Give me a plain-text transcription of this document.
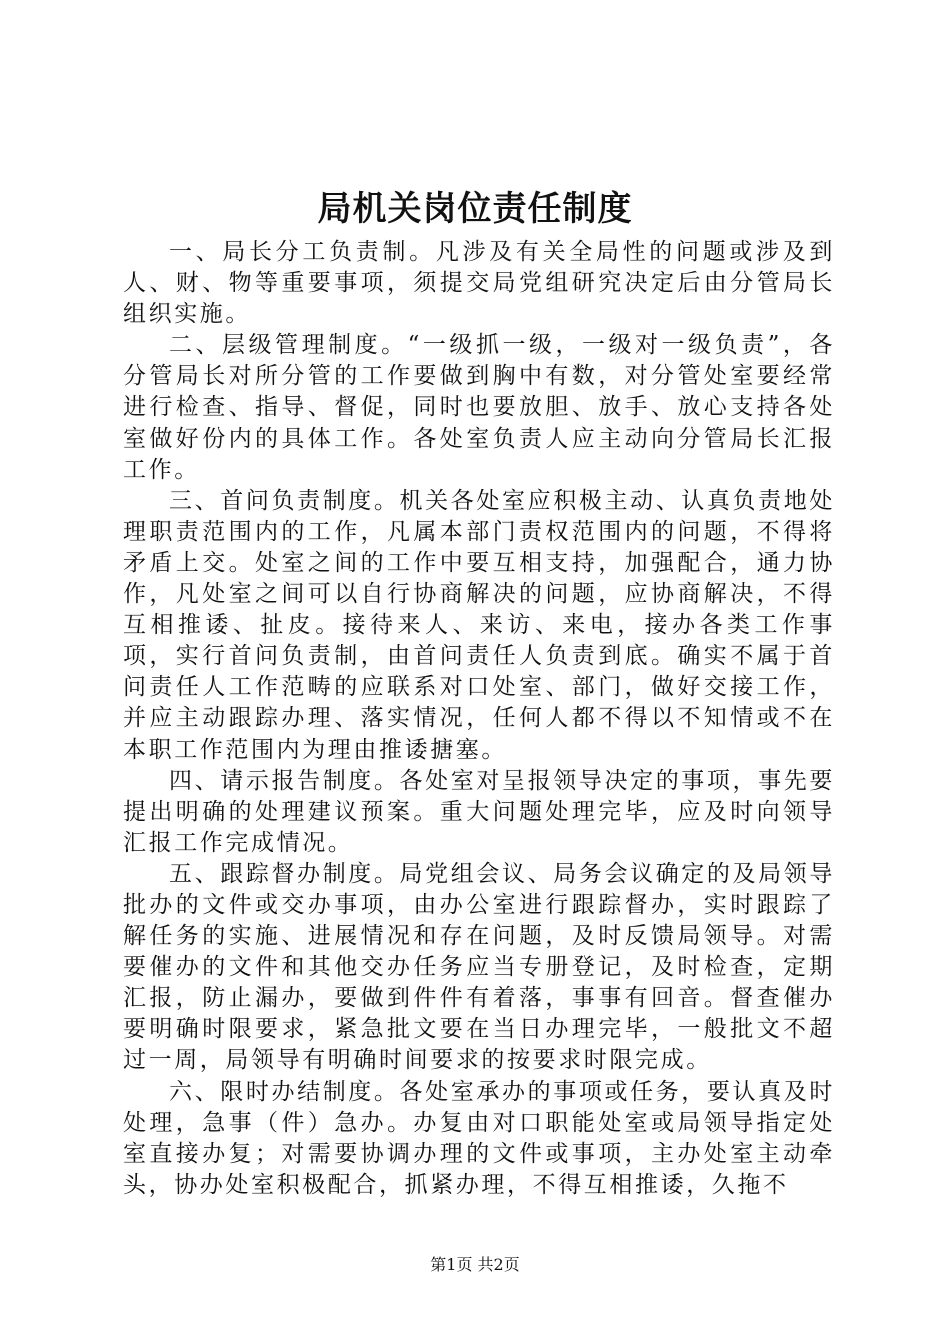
局机关岗位责任制度

一、局长分工负责制。凡涉及有关全局性的问题或涉及到人、财、物等重要事项，须提交局党组研究决定后由分管局长组织实施。

二、层级管理制度。“一级抓一级，一级对一级负责”，各分管局长对所分管的工作要做到胸中有数，对分管处室要经常进行检查、指导、督促，同时也要放胆、放手、放心支持各处室做好份内的具体工作。各处室负责人应主动向分管局长汇报工作。

三、首问负责制度。机关各处室应积极主动、认真负责地处理职责范围内的工作，凡属本部门责权范围内的问题，不得将矛盾上交。处室之间的工作中要互相支持，加强配合，通力协作，凡处室之间可以自行协商解决的问题，应协商解决，不得互相推诿、扯皮。接待来人、来访、来电，接办各类工作事项，实行首问负责制，由首问责任人负责到底。确实不属于首问责任人工作范畴的应联系对口处室、部门，做好交接工作，并应主动跟踪办理、落实情况，任何人都不得以不知情或不在本职工作范围内为理由推诿搪塞。

四、请示报告制度。各处室对呈报领导决定的事项，事先要提出明确的处理建议预案。重大问题处理完毕，应及时向领导汇报工作完成情况。

五、跟踪督办制度。局党组会议、局务会议确定的及局领导批办的文件或交办事项，由办公室进行跟踪督办，实时跟踪了解任务的实施、进展情况和存在问题，及时反馈局领导。对需要催办的文件和其他交办任务应当专册登记，及时检查，定期汇报，防止漏办，要做到件件有着落，事事有回音。督查催办要明确时限要求，紧急批文要在当日办理完毕，一般批文不超过一周，局领导有明确时间要求的按要求时限完成。

六、限时办结制度。各处室承办的事项或任务，要认真及时处理，急事（件）急办。办复由对口职能处室或局领导指定处室直接办复；对需要协调办理的文件或事项，主办处室主动牵头，协办处室积极配合，抓紧办理，不得互相推诿，久拖不

第1页 共2页
